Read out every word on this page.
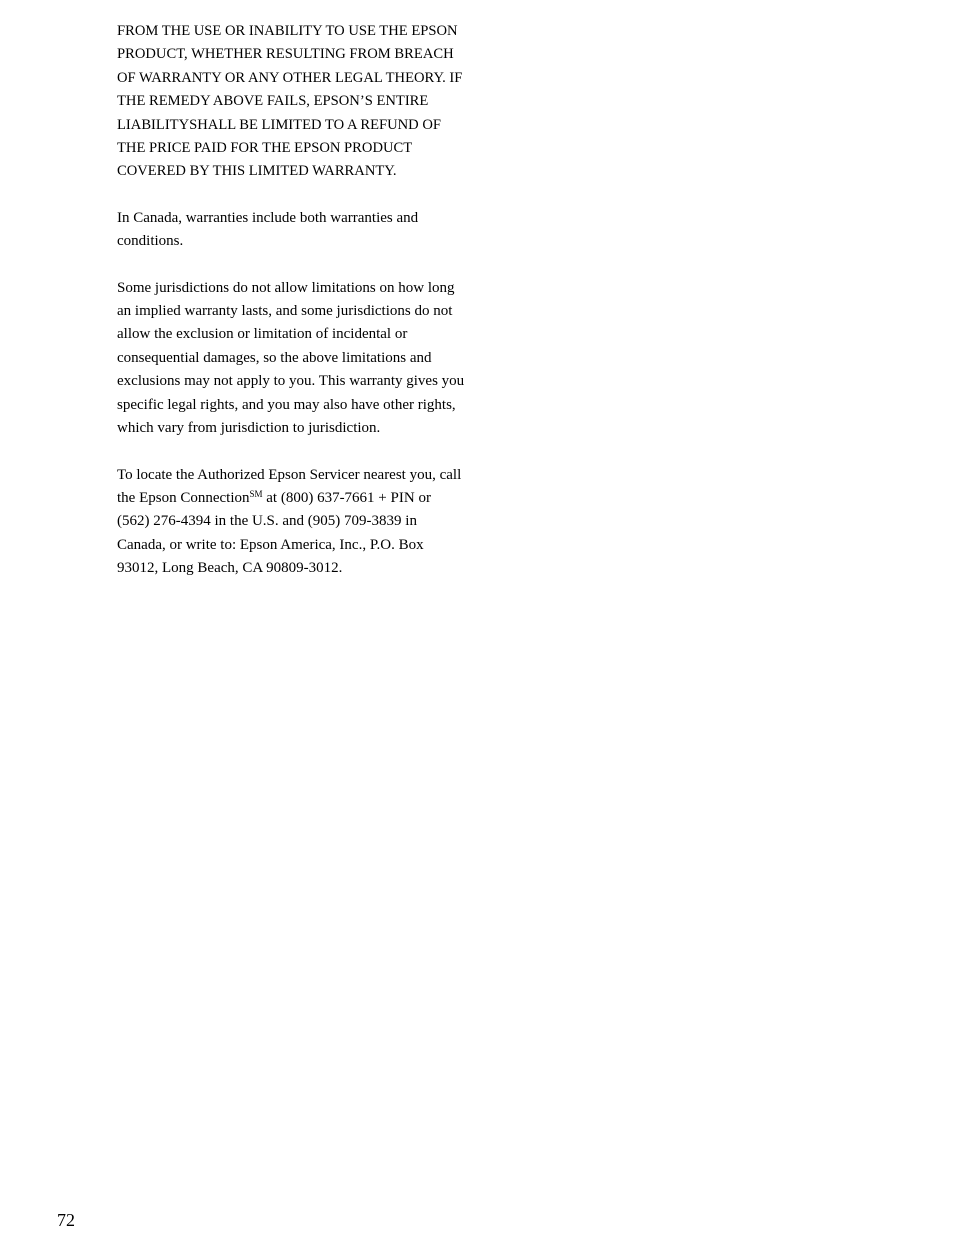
FROM THE USE OR INABILITY TO USE THE EPSON PRODUCT, WHETHER RESULTING FROM BREACH OF WARRANTY OR ANY OTHER LEGAL THEORY. IF THE REMEDY ABOVE FAILS, EPSON’S ENTIRE LIABILITYSHALL BE LIMITED TO A REFUND OF THE PRICE PAID FOR THE EPSON PRODUCT COVERED BY THIS LIMITED WARRANTY.

In Canada, warranties include both warranties and conditions.

Some jurisdictions do not allow limitations on how long an implied warranty lasts, and some jurisdictions do not allow the exclusion or limitation of incidental or consequential damages, so the above limitations and exclusions may not apply to you. This warranty gives you specific legal rights, and you may also have other rights, which vary from jurisdiction to jurisdiction.

To locate the Authorized Epson Servicer nearest you, call the Epson Connection℠ at (800) 637-7661 + PIN or (562) 276-4394 in the U.S. and (905) 709-3839 in Canada, or write to: Epson America, Inc., P.O. Box 93012, Long Beach, CA 90809-3012.

72
